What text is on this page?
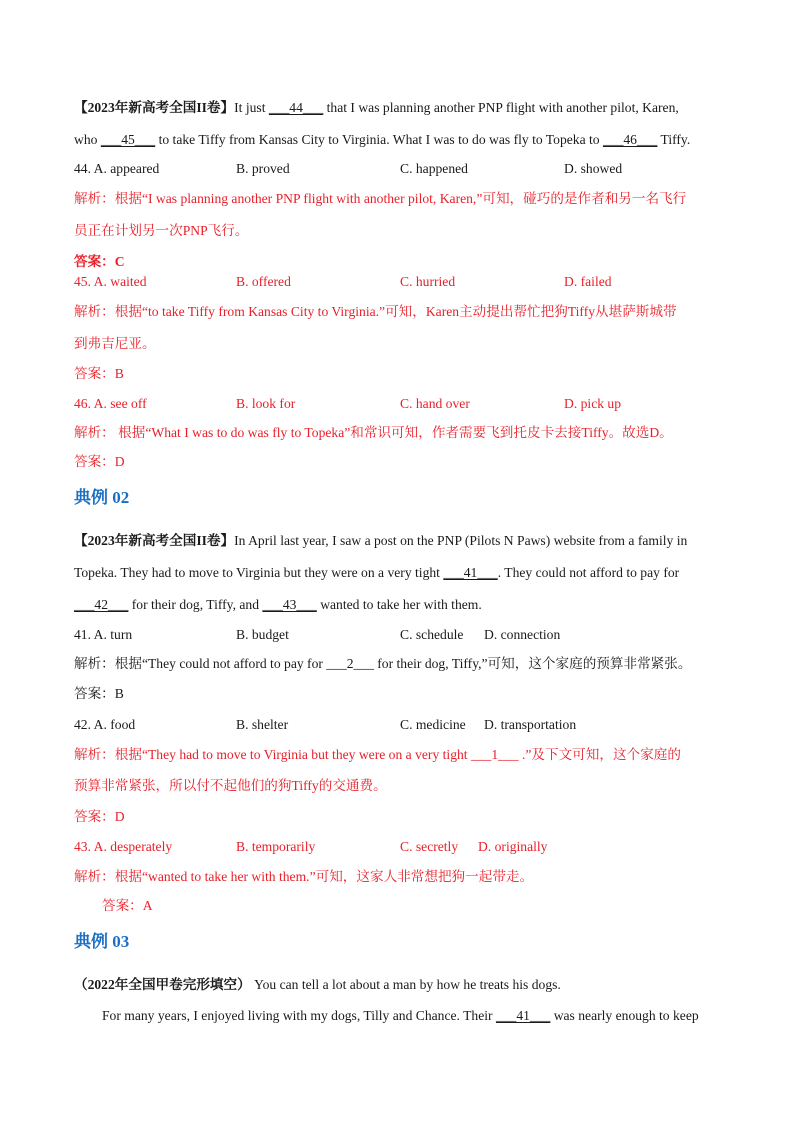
【2023年新高考全国II卷】It just ___44___ that I was planning another PNP flight with another pilot, Karen,
who ___45___ to take Tiffy from Kansas City to Virginia. What I was to do was fly to Topeka to ___46___ Tiffy.
44. A. appeared	B. proved	C. happened	D. showed
解析：根据“I was planning another PNP flight with another pilot, Karen,”可知，碰巧的是作者和另一名飞行
员正在计划另一次PNP飞行。
答案：C
45. A. waited	B. offered	C. hurried	D. failed
解析：根据“to take Tiffy from Kansas City to Virginia.”可知，Karen主动提出帮忙把狗Tiffy从堪萨斯城带
到弗吉尼亚。
答案：B
46. A. see off	B. look for	C. hand over	D. pick up
解析： 根据“What I was to do was fly to Topeka”和常识可知，作者需要飞到托皮卡去接Tiffy。故选D。
答案：D
典例 02
【2023年新高考全国II卷】In April last year, I saw a post on the PNP (Pilots N Paws) website from a family in
Topeka. They had to move to Virginia but they were on a very tight ___41___. They could not afford to pay for
___42___ for their dog, Tiffy, and ___43___ wanted to take her with them.
41. A. turn	B. budget	C. schedule D. connection
解析：根据“They could not afford to pay for ___2___ for their dog, Tiffy,”可知，这个家庭的预算非常紧张。
答案：B
42. A. food	B. shelter	C. medicine D. transportation
解析：根据“They had to move to Virginia but they were on a very tight ___1___ .”及下文可知，这个家庭的
预算非常紧张，所以付不起他们的狗Tiffy的交通费。
答案：D
43. A. desperately	B. temporarily	C. secretly D. originally
解析：根据“wanted to take her with them.”可知，这家人非常想把狗一起带走。
答案：A
典例 03
（2022年全国甲卷完形填空） You can tell a lot about a man by how he treats his dogs.
For many years, I enjoyed living with my dogs, Tilly and Chance. Their ___41___ was nearly enough to keep
